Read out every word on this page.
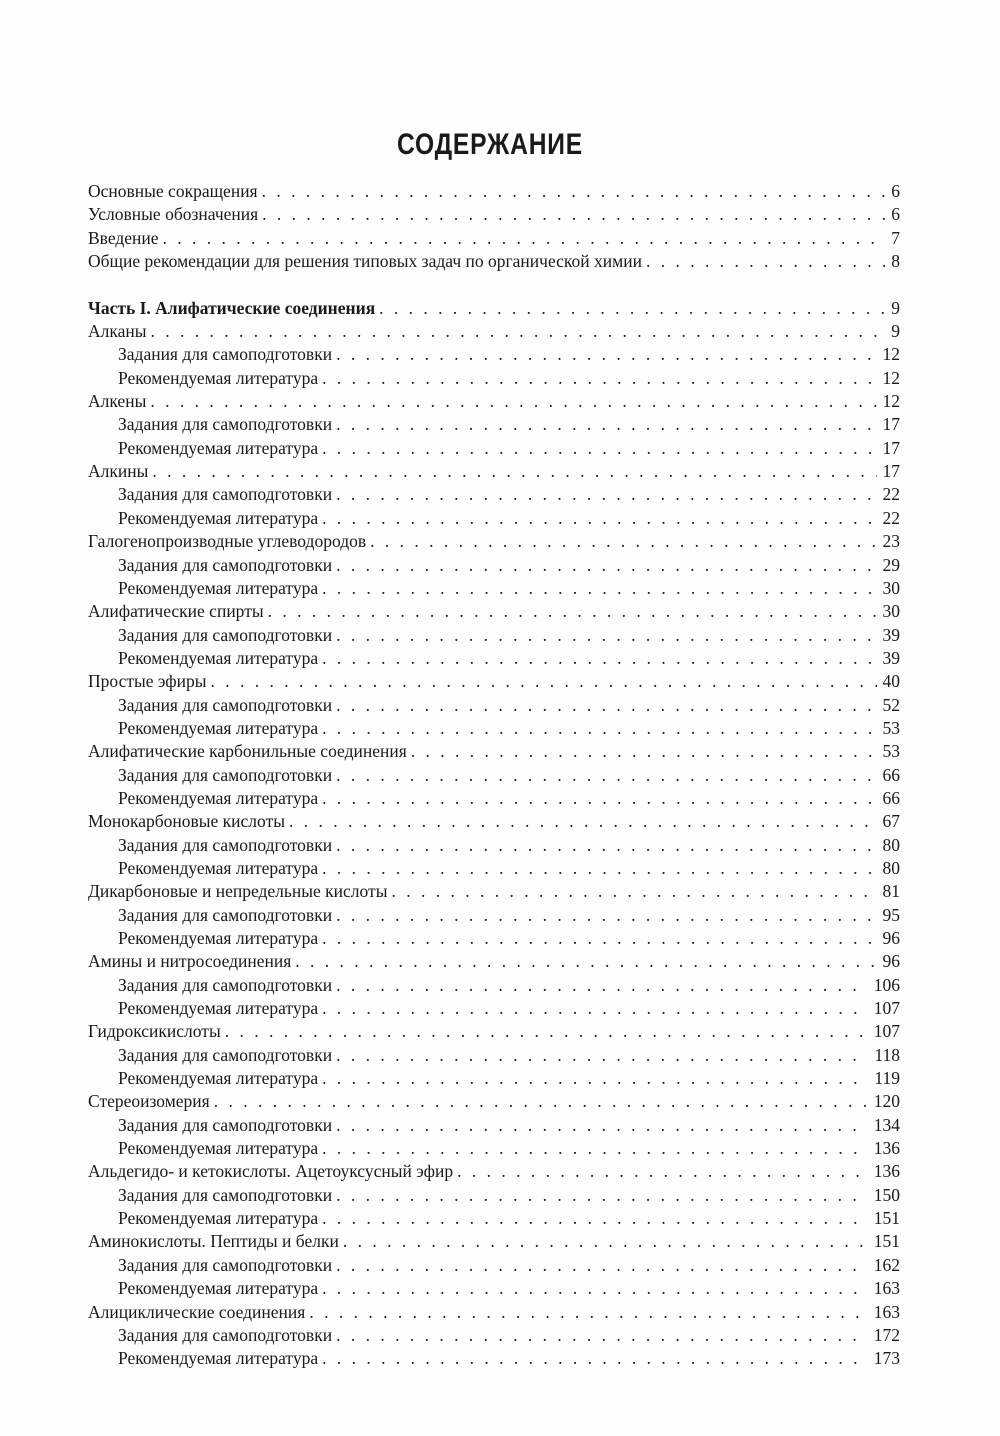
СОДЕРЖАНИЕ
Основные сокращения . . .	6
Условные обозначения . . .	6
Введение . . .	7
Общие рекомендации для решения типовых задач по органической химии . . .	8
Часть I. Алифатические соединения . . .	9
Алканы . . .	9
Задания для самоподготовки . . .	12
Рекомендуемая литература . . .	12
Алкены . . .	12
Задания для самоподготовки . . .	17
Рекомендуемая литература . . .	17
Алкины . . .	17
Задания для самоподготовки . . .	22
Рекомендуемая литература . . .	22
Галогенопроизводные углеводородов . . .	23
Задания для самоподготовки . . .	29
Рекомендуемая литература . . .	30
Алифатические спирты . . .	30
Задания для самоподготовки . . .	39
Рекомендуемая литература . . .	39
Простые эфиры . . .	40
Задания для самоподготовки . . .	52
Рекомендуемая литература . . .	53
Алифатические карбонильные соединения . . .	53
Задания для самоподготовки . . .	66
Рекомендуемая литература . . .	66
Монокарбоновые кислоты . . .	67
Задания для самоподготовки . . .	80
Рекомендуемая литература . . .	80
Дикарбоновые и непредельные кислоты . . .	81
Задания для самоподготовки . . .	95
Рекомендуемая литература . . .	96
Амины и нитросоединения . . .	96
Задания для самоподготовки . . .	106
Рекомендуемая литература . . .	107
Гидроксикислоты . . .	107
Задания для самоподготовки . . .	118
Рекомендуемая литература . . .	119
Стереоизомерия . . .	120
Задания для самоподготовки . . .	134
Рекомендуемая литература . . .	136
Альдегидо- и кетокислоты. Ацетоуксусный эфир . . .	136
Задания для самоподготовки . . .	150
Рекомендуемая литература . . .	151
Аминокислоты. Пептиды и белки . . .	151
Задания для самоподготовки . . .	162
Рекомендуемая литература . . .	163
Алициклические соединения . . .	163
Задания для самоподготовки . . .	172
Рекомендуемая литература . . .	173
